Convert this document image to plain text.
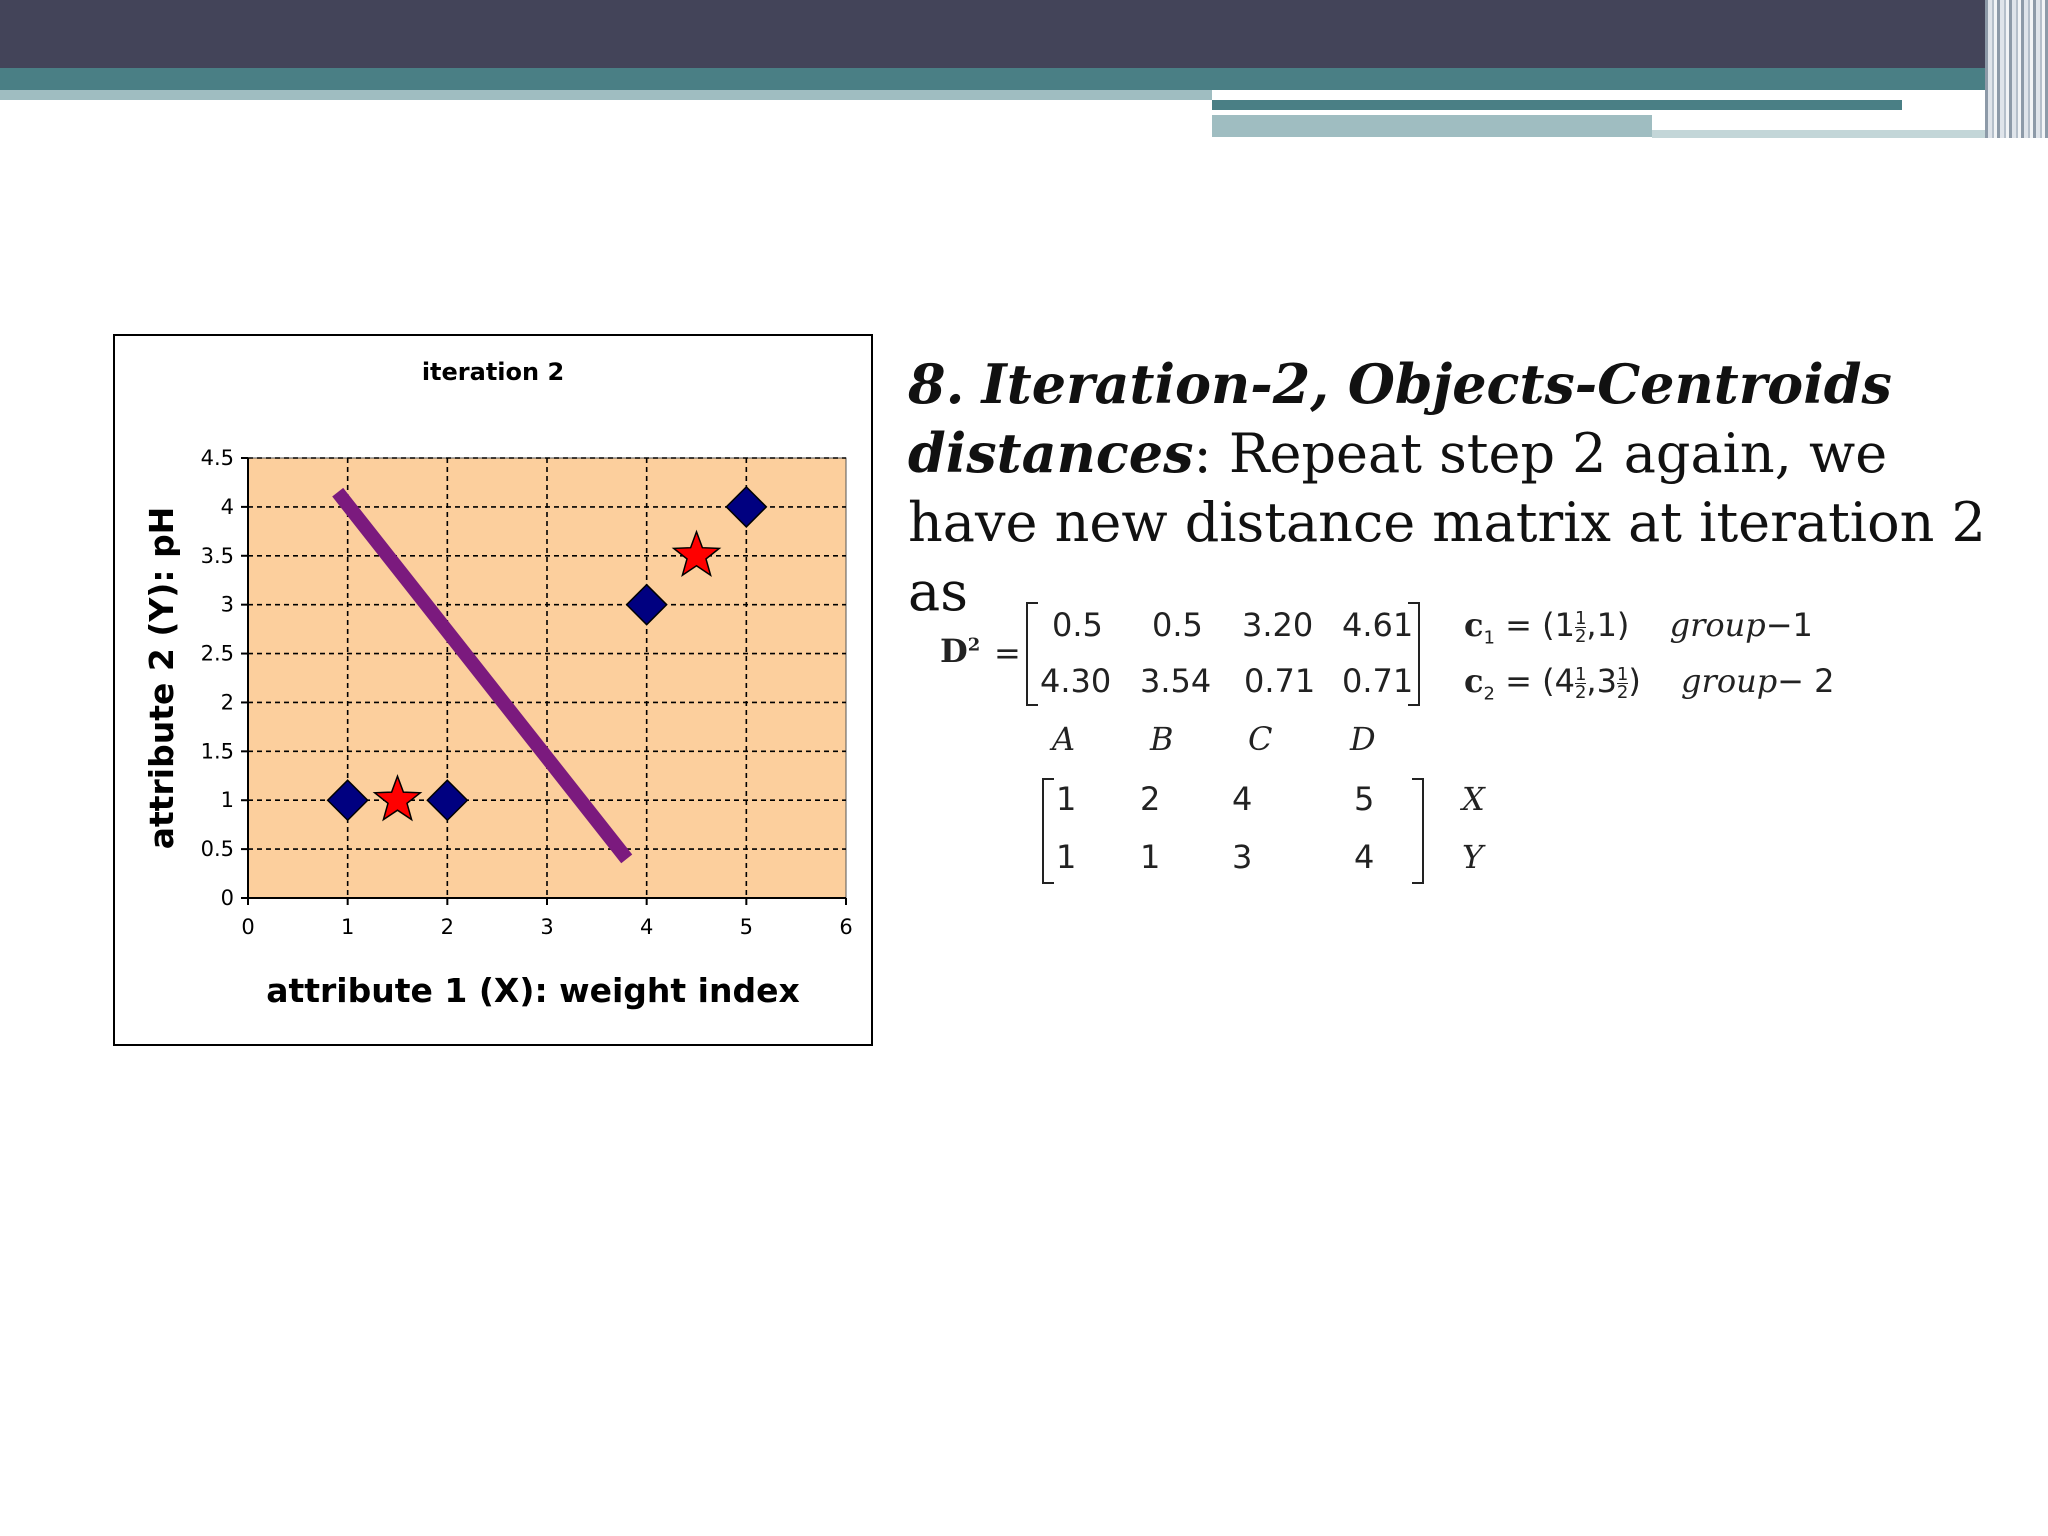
0	1	2	3	4	5	6
0
0.5
1
1.5
2
2.5
3
3.5
4
4.5
iteration 2
attribute 1 (X): weight index
attribute 2 (Y): pH
8. Iteration-2, Objects-Centroids distances: Repeat step 2 again, we have new distance matrix at iteration 2 as
$D^2$ =
0.5 0.5 3.20 4.61
4.30 3.54 0.71 0.71
$c_1 = (1 \frac{1}{2} ,1)$ group−1
$c_2 = (4 \frac{1}{2} ,3 \frac{1}{2}$ ) group− 2
A B C D
1 2 4	5
1 1 3	4
X
Y
